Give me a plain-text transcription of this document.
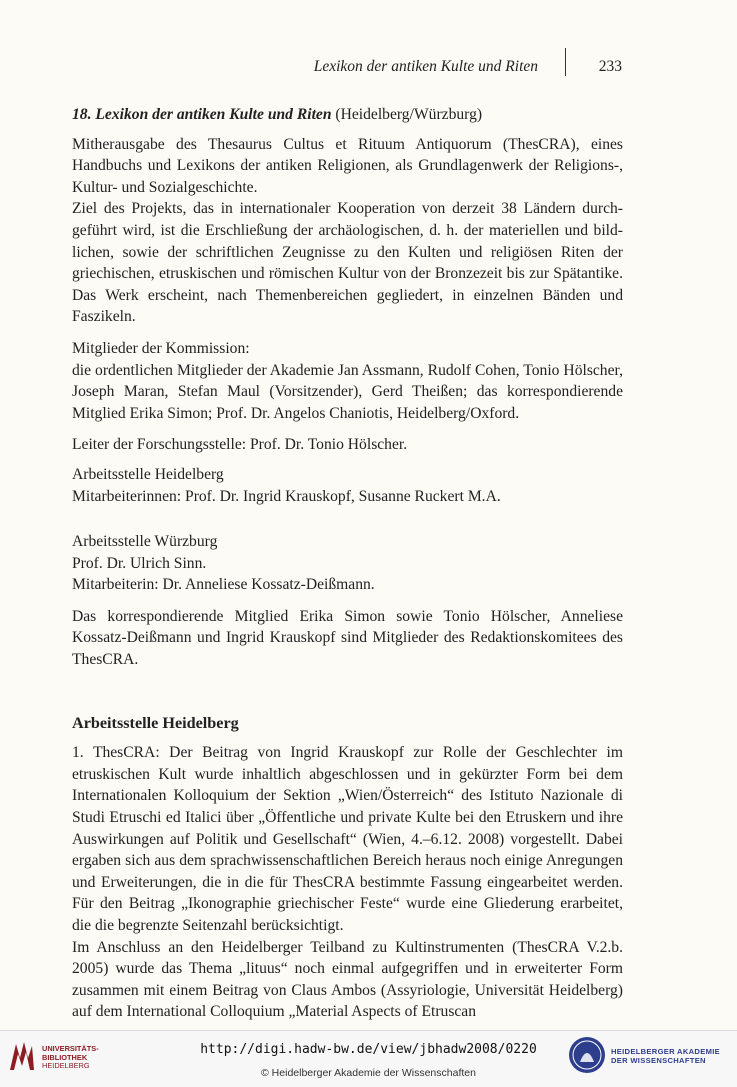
Lexikon der antiken Kulte und Riten	233

18. Lexikon der antiken Kulte und Riten (Heidelberg/Würzburg)

Mitherausgabe des Thesaurus Cultus et Rituum Antiquorum (ThesCRA), eines Handbuchs und Lexikons der antiken Religionen, als Grundlagenwerk der Religions-, Kultur- und Sozialgeschichte.

Ziel des Projekts, das in internationaler Kooperation von derzeit 38 Ländern durchgeführt wird, ist die Erschließung der archäologischen, d. h. der materiellen und bildlichen, sowie der schriftlichen Zeugnisse zu den Kulten und religiösen Riten der griechischen, etruskischen und römischen Kultur von der Bronzezeit bis zur Spätantike. Das Werk erscheint, nach Themenbereichen gegliedert, in einzelnen Bänden und Faszikeln.

Mitglieder der Kommission:

die ordentlichen Mitglieder der Akademie Jan Assmann, Rudolf Cohen, Tonio Hölscher, Joseph Maran, Stefan Maul (Vorsitzender), Gerd Theißen; das korrespondierende Mitglied Erika Simon; Prof. Dr. Angelos Chaniotis, Heidelberg/Oxford.

Leiter der Forschungsstelle: Prof. Dr. Tonio Hölscher.

Arbeitsstelle Heidelberg

Mitarbeiterinnen: Prof. Dr. Ingrid Krauskopf, Susanne Ruckert M.A.

Arbeitsstelle Würzburg

Prof. Dr. Ulrich Sinn.

Mitarbeiterin: Dr. Anneliese Kossatz-Deißmann.

Das korrespondierende Mitglied Erika Simon sowie Tonio Hölscher, Anneliese Kossatz-Deißmann und Ingrid Krauskopf sind Mitglieder des Redaktionskomitees des ThesCRA.

Arbeitsstelle Heidelberg

1. ThesCRA: Der Beitrag von Ingrid Krauskopf zur Rolle der Geschlechter im etruskischen Kult wurde inhaltlich abgeschlossen und in gekürzter Form bei dem Internationalen Kolloquium der Sektion „Wien/Österreich“ des Istituto Nazionale di Studi Etruschi ed Italici über „Öffentliche und private Kulte bei den Etruskern und ihre Auswirkungen auf Politik und Gesellschaft“ (Wien, 4.–6.12. 2008) vorgestellt. Dabei ergaben sich aus dem sprachwissenschaftlichen Bereich heraus noch einige Anregungen und Erweiterungen, die in die für ThesCRA bestimmte Fassung eingearbeitet werden. Für den Beitrag „Ikonographie griechischer Feste“ wurde eine Gliederung erarbeitet, die die begrenzte Seitenzahl berücksichtigt.

Im Anschluss an den Heidelberger Teilband zu Kultinstrumenten (ThesCRA V.2.b. 2005) wurde das Thema „lituus“ noch einmal aufgegriffen und in erweiterter Form zusammen mit einem Beitrag von Claus Ambos (Assyriologie, Universität Heidelberg) auf dem International Colloquium „Material Aspects of Etruscan

UNIVERSITÄTS-
BIBLIOTHEK
HEIDELBERG
http://digi.hadw-bw.de/view/jbhadw2008/0220
© Heidelberger Akademie der Wissenschaften
HEIDELBERGER AKADEMIE
DER WISSENSCHAFTEN
